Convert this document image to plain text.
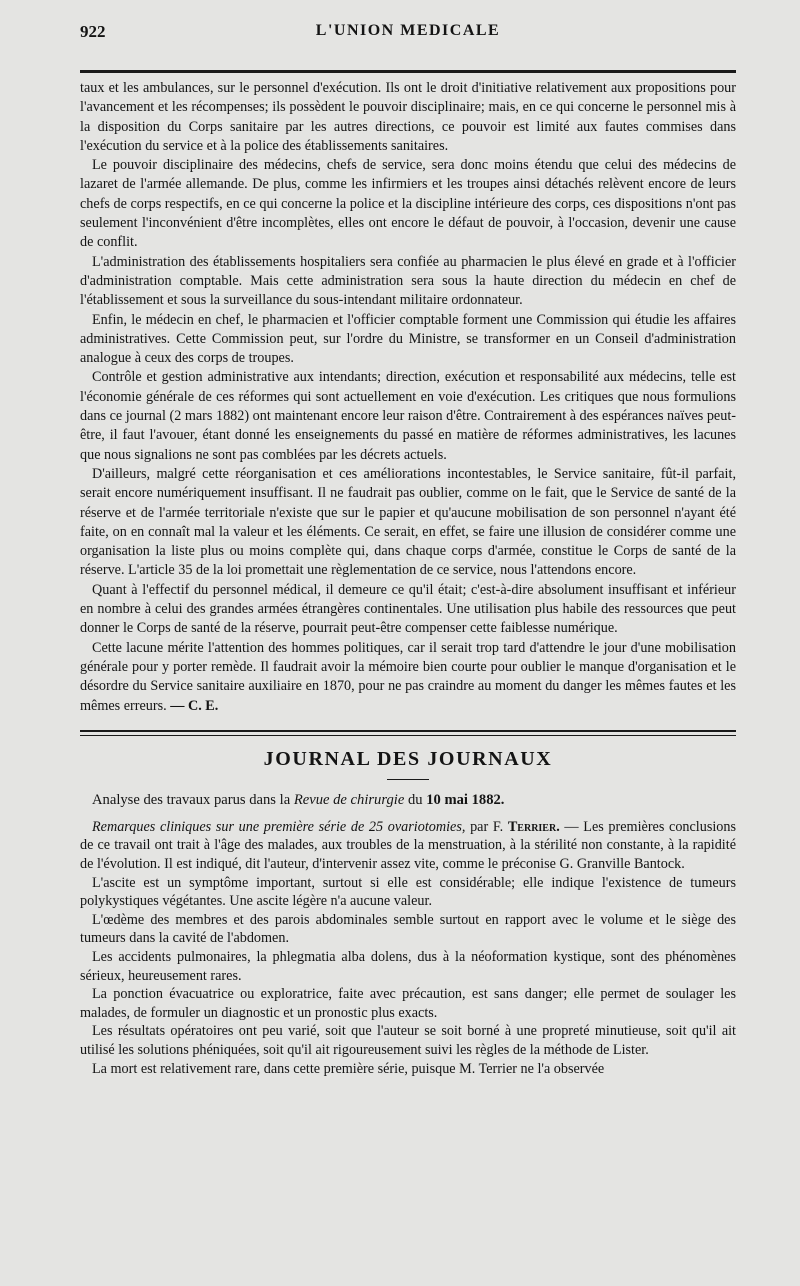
922	L'UNION MEDICALE

taux et les ambulances, sur le personnel d'exécution. Ils ont le droit d'initiative relativement aux propositions pour l'avancement et les récompenses; ils possèdent le pouvoir disciplinaire; mais, en ce qui concerne le personnel mis à la disposition du Corps sanitaire par les autres directions, ce pouvoir est limité aux fautes commises dans l'exécution du service et à la police des établissements sanitaires.

Le pouvoir disciplinaire des médecins, chefs de service, sera donc moins étendu que celui des médecins de lazaret de l'armée allemande. De plus, comme les infirmiers et les troupes ainsi détachés relèvent encore de leurs chefs de corps respectifs, en ce qui concerne la police et la discipline intérieure des corps, ces dispositions n'ont pas seulement l'inconvénient d'être incomplètes, elles ont encore le défaut de pouvoir, à l'occasion, devenir une cause de conflit.

L'administration des établissements hospitaliers sera confiée au pharmacien le plus élevé en grade et à l'officier d'administration comptable. Mais cette administration sera sous la haute direction du médecin en chef de l'établissement et sous la surveillance du sous-intendant militaire ordonnateur.

Enfin, le médecin en chef, le pharmacien et l'officier comptable forment une Commission qui étudie les affaires administratives. Cette Commission peut, sur l'ordre du Ministre, se transformer en un Conseil d'administration analogue à ceux des corps de troupes.

Contrôle et gestion administrative aux intendants; direction, exécution et responsabilité aux médecins, telle est l'économie générale de ces réformes qui sont actuellement en voie d'exécution. Les critiques que nous formulions dans ce journal (2 mars 1882) ont maintenant encore leur raison d'être. Contrairement à des espérances naïves peut-être, il faut l'avouer, étant donné les enseignements du passé en matière de réformes administratives, les lacunes que nous signalions ne sont pas comblées par les décrets actuels.

D'ailleurs, malgré cette réorganisation et ces améliorations incontestables, le Service sanitaire, fût-il parfait, serait encore numériquement insuffisant. Il ne faudrait pas oublier, comme on le fait, que le Service de santé de la réserve et de l'armée territoriale n'existe que sur le papier et qu'aucune mobilisation de son personnel n'ayant été faite, on en connaît mal la valeur et les éléments. Ce serait, en effet, se faire une illusion de considérer comme une organisation la liste plus ou moins complète qui, dans chaque corps d'armée, constitue le Corps de santé de la réserve. L'article 35 de la loi promettait une règlementation de ce service, nous l'attendons encore.

Quant à l'effectif du personnel médical, il demeure ce qu'il était; c'est-à-dire absolument insuffisant et inférieur en nombre à celui des grandes armées étrangères continentales. Une utilisation plus habile des ressources que peut donner le Corps de santé de la réserve, pourrait peut-être compenser cette faiblesse numérique.

Cette lacune mérite l'attention des hommes politiques, car il serait trop tard d'attendre le jour d'une mobilisation générale pour y porter remède. Il faudrait avoir la mémoire bien courte pour oublier le manque d'organisation et le désordre du Service sanitaire auxiliaire en 1870, pour ne pas craindre au moment du danger les mêmes fautes et les mêmes erreurs. — C. E.

JOURNAL DES JOURNAUX

Analyse des travaux parus dans la Revue de chirurgie du 10 mai 1882.

Remarques cliniques sur une première série de 25 ovariotomies, par F. Terrier. — Les premières conclusions de ce travail ont trait à l'âge des malades, aux troubles de la menstruation, à la stérilité non constante, à la rapidité de l'évolution. Il est indiqué, dit l'auteur, d'intervenir assez vite, comme le préconise G. Granville Bantock.

L'ascite est un symptôme important, surtout si elle est considérable; elle indique l'existence de tumeurs polykystiques végétantes. Une ascite légère n'a aucune valeur.

L'œdème des membres et des parois abdominales semble surtout en rapport avec le volume et le siège des tumeurs dans la cavité de l'abdomen.

Les accidents pulmonaires, la phlegmatia alba dolens, dus à la néoformation kystique, sont des phénomènes sérieux, heureusement rares.

La ponction évacuatrice ou exploratrice, faite avec précaution, est sans danger; elle permet de soulager les malades, de formuler un diagnostic et un pronostic plus exacts.

Les résultats opératoires ont peu varié, soit que l'auteur se soit borné à une propreté minutieuse, soit qu'il ait utilisé les solutions phéniquées, soit qu'il ait rigoureusement suivi les règles de la méthode de Lister.

La mort est relativement rare, dans cette première série, puisque M. Terrier ne l'a observée
